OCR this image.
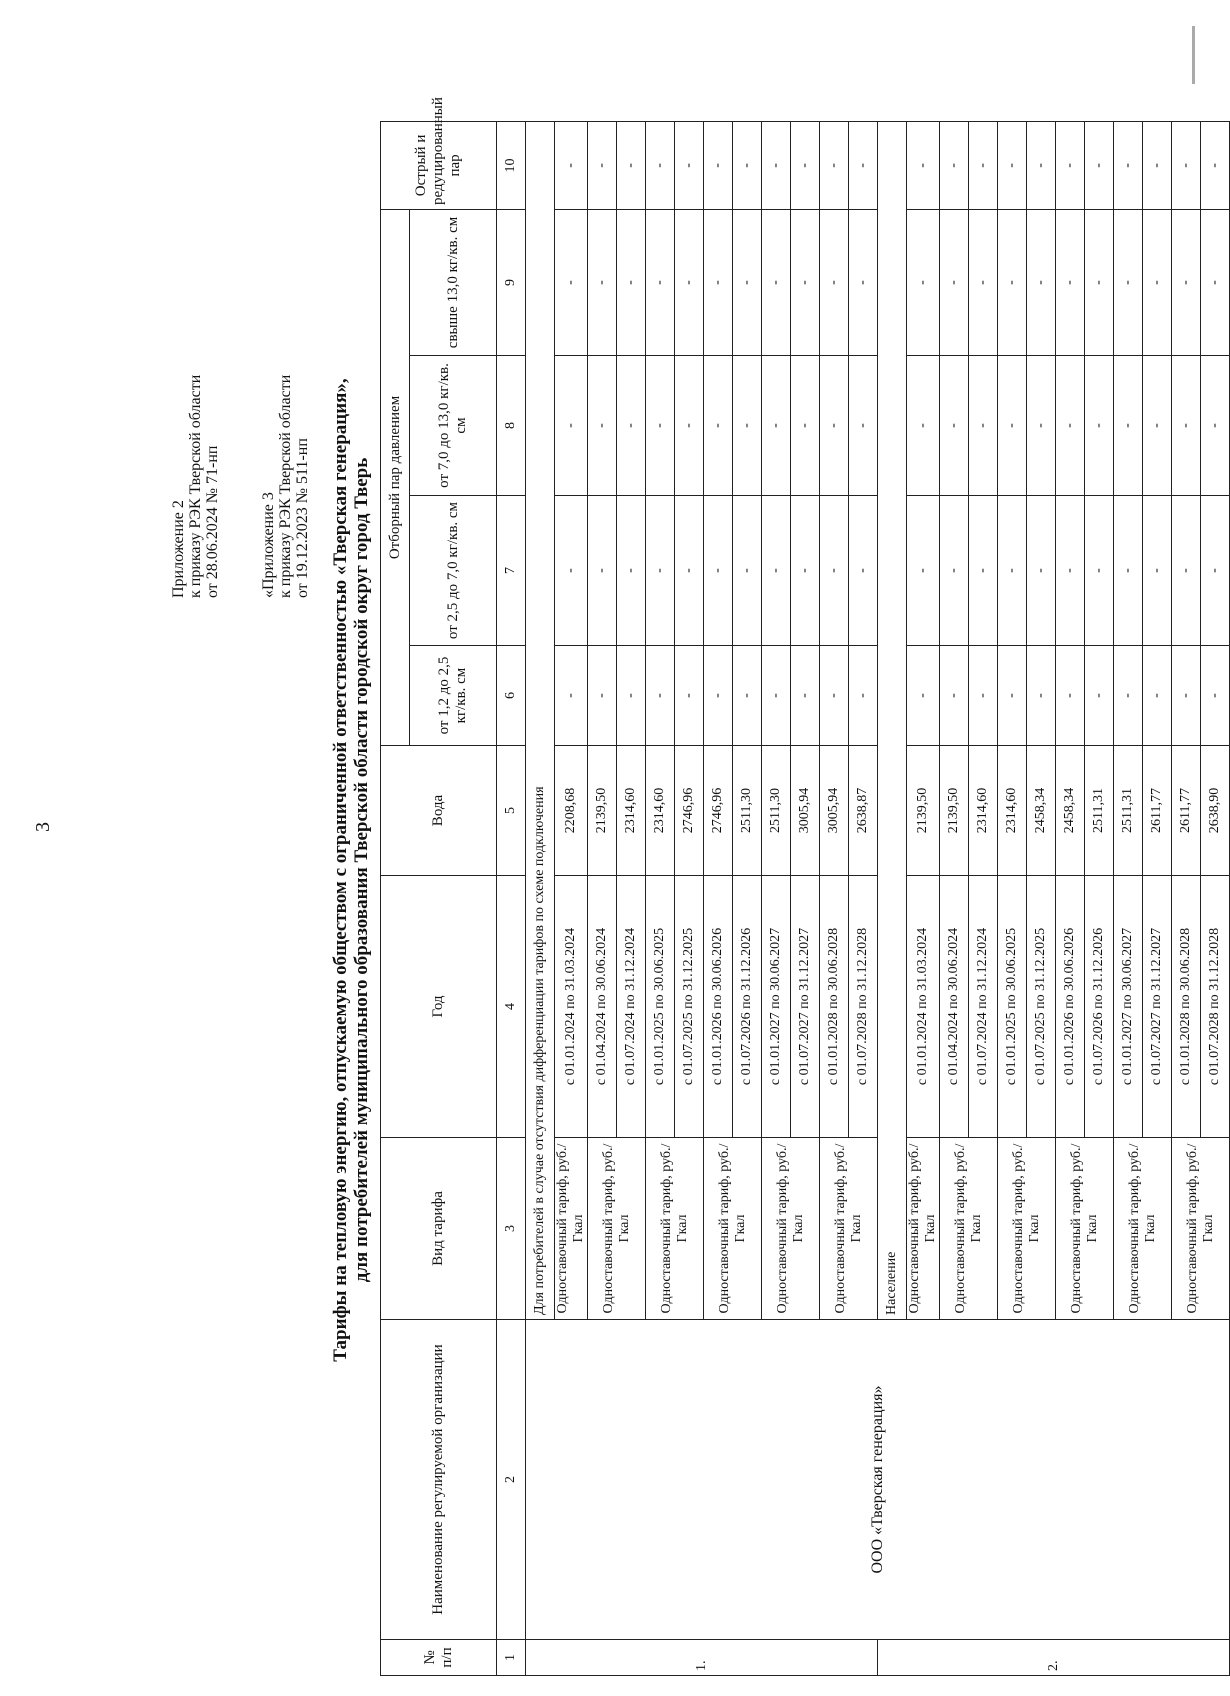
3
Приложение 2 к приказу РЭК Тверской области от 28.06.2024 № 71-нп «Приложение 3 к приказу РЭК Тверской области от 19.12.2023 № 511-нп Тарифы на тепловую энергию, отпускаемую обществом с ограниченной ответственностью «Тверская генерация», для потребителей муниципального образования Тверской области городской округ город Тверь
№ п/п	Наименование регулируемой организации	Вид тарифа	Год	Вода	Отборный пар давлением				Острый и редуцированный пар
					от 1,2 до 2,5 кг/кв. см	от 2,5 до 7,0 кг/кв. см	от 7,0 до 13,0 кг/кв. см	свыше 13,0 кг/кв. см	
1	2	3	4	5	6	7	8	9	10
1.	ООО «Тверская генерация»	Для потребителей в случае отсутствия дифференциации тарифов по схеме подключения							
		Одноставочный тариф, руб./Гкал	с 01.01.2024 по 31.03.2024	2208,68	-	-	-	-	-
		Одноставочный тариф, руб./Гкал	с 01.04.2024 по 30.06.2024	2139,50	-	-	-	-	-
			с 01.07.2024 по 31.12.2024	2314,60	-	-	-	-	-
		Одноставочный тариф, руб./Гкал	с 01.01.2025 по 30.06.2025	2314,60	-	-	-	-	-
			с 01.07.2025 по 31.12.2025	2746,96	-	-	-	-	-
		Одноставочный тариф, руб./Гкал	с 01.01.2026 по 30.06.2026	2746,96	-	-	-	-	-
			с 01.07.2026 по 31.12.2026	2511,30	-	-	-	-	-
		Одноставочный тариф, руб./Гкал	с 01.01.2027 по 30.06.2027	2511,30	-	-	-	-	-
			с 01.07.2027 по 31.12.2027	3005,94	-	-	-	-	-
		Одноставочный тариф, руб./Гкал	с 01.01.2028 по 30.06.2028	3005,94	-	-	-	-	-
			с 01.07.2028 по 31.12.2028	2638,87	-	-	-	-	-
2.		Население							
		Одноставочный тариф, руб./Гкал	с 01.01.2024 по 31.03.2024	2139,50	-	-	-	-	-
		Одноставочный тариф, руб./Гкал	с 01.04.2024 по 30.06.2024	2139,50	-	-	-	-	-
			с 01.07.2024 по 31.12.2024	2314,60	-	-	-	-	-
		Одноставочный тариф, руб./Гкал	с 01.01.2025 по 30.06.2025	2314,60	-	-	-	-	-
			с 01.07.2025 по 31.12.2025	2458,34	-	-	-	-	-
		Одноставочный тариф, руб./Гкал	с 01.01.2026 по 30.06.2026	2458,34	-	-	-	-	-
			с 01.07.2026 по 31.12.2026	2511,31	-	-	-	-	-
		Одноставочный тариф, руб./Гкал	с 01.01.2027 по 30.06.2027	2511,31	-	-	-	-	-
			с 01.07.2027 по 31.12.2027	2611,77	-	-	-	-	-
		Одноставочный тариф, руб./Гкал	с 01.01.2028 по 30.06.2028	2611,77	-	-	-	-	-
			с 01.07.2028 по 31.12.2028	2638,90	-	-	-	-	-
